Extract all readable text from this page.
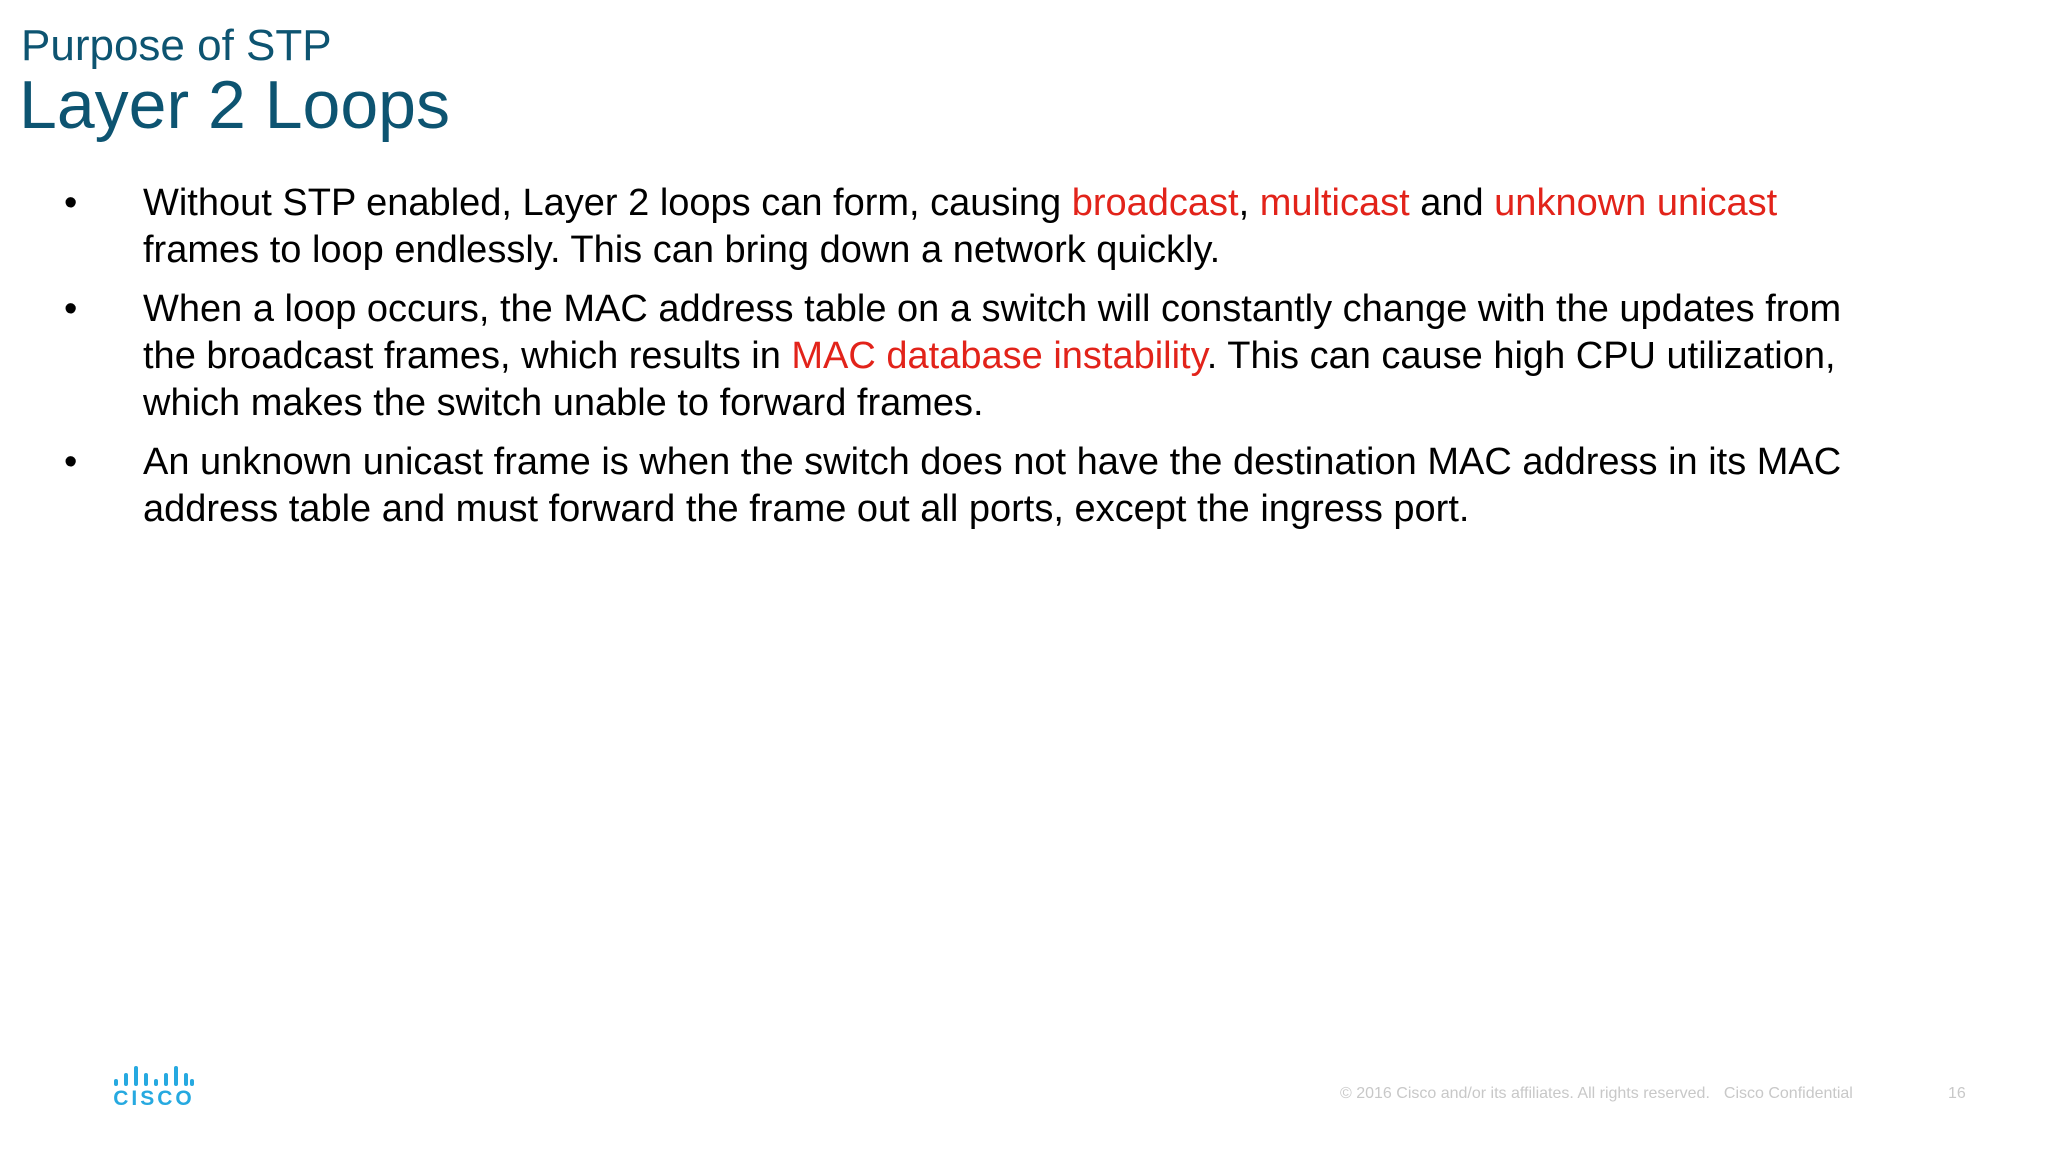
Purpose of STP
Layer 2 Loops
• Without STP enabled, Layer 2 loops can form, causing broadcast, multicast and unknown unicast frames to loop endlessly. This can bring down a network quickly.
• When a loop occurs, the MAC address table on a switch will constantly change with the updates from the broadcast frames, which results in MAC database instability. This can cause high CPU utilization, which makes the switch unable to forward frames.
• An unknown unicast frame is when the switch does not have the destination MAC address in its MAC address table and must forward the frame out all ports, except the ingress port.
CISCO	© 2016 Cisco and/or its affiliates. All rights reserved. Cisco Confidential	16
